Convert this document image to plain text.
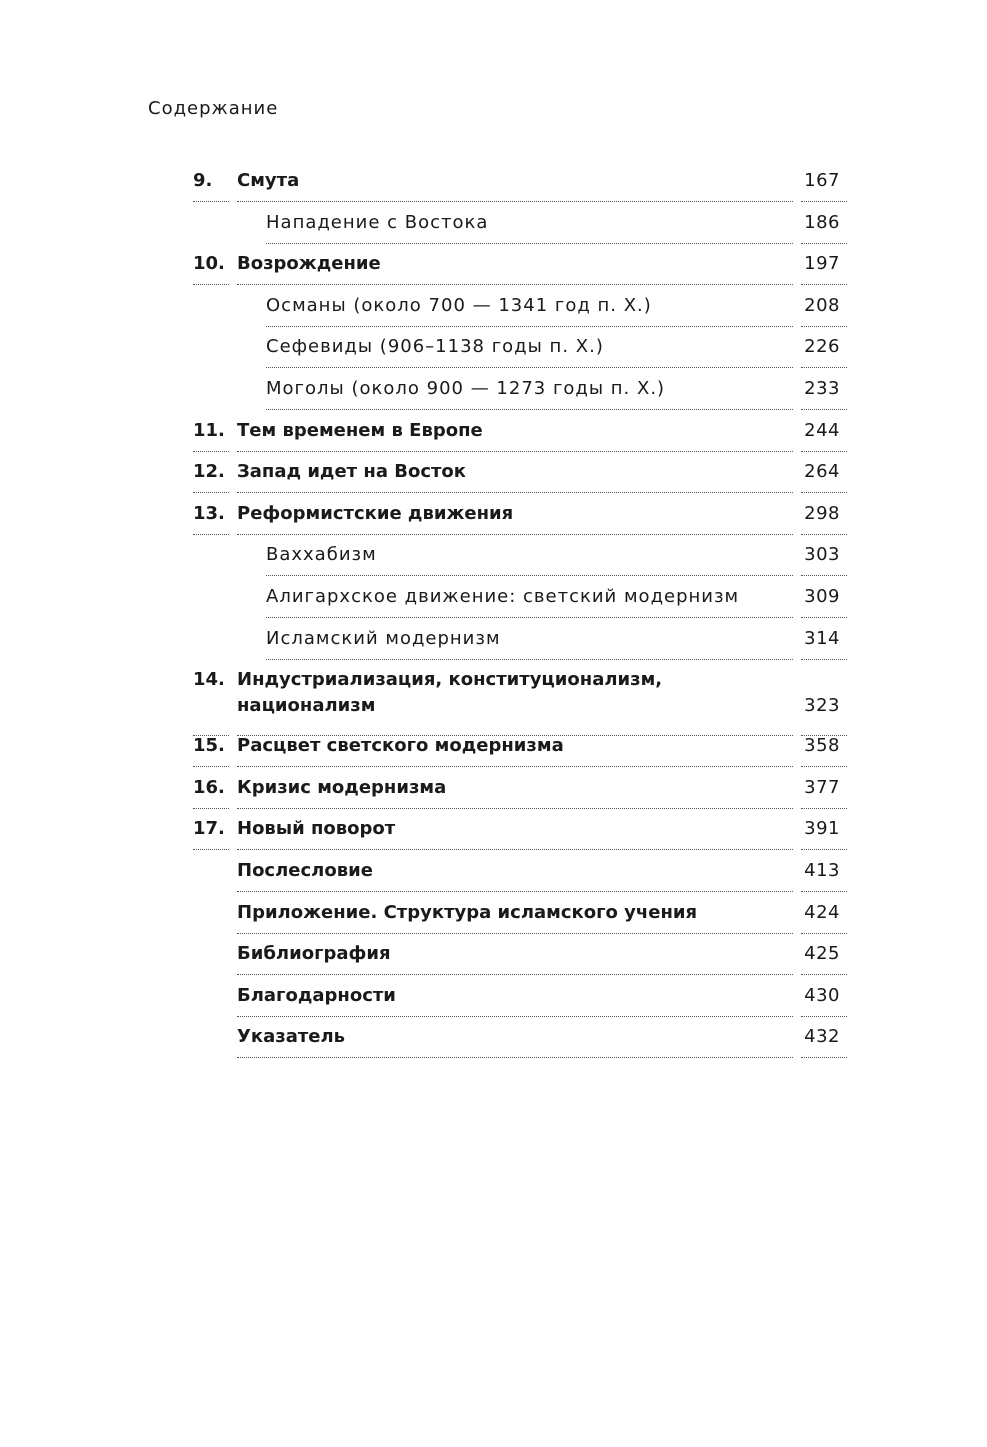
Содержание
9.	Смута	167
Нападение с Востока	186
10. Возрождение	197
Османы (около 700 — 1341 год п. Х.)	208
Сефевиды (906–1138 годы п. Х.)	226
Моголы (около 900 — 1273 годы п. Х.)	233
11. Тем временем в Европе	244
12. Запад идет на Восток	264
13. Реформистские движения	298
Ваххабизм	303
Алигархское движение: светский модернизм	309
Исламский модернизм	314
14. Индустриализация, конституционализм,
национализм	323
15. Расцвет светского модернизма	358
16. Кризис модернизма	377
17. Новый поворот	391
Послесловие	413
Приложение. Структура исламского учения	424
Библиография	425
Благодарности	430
Указатель	432
